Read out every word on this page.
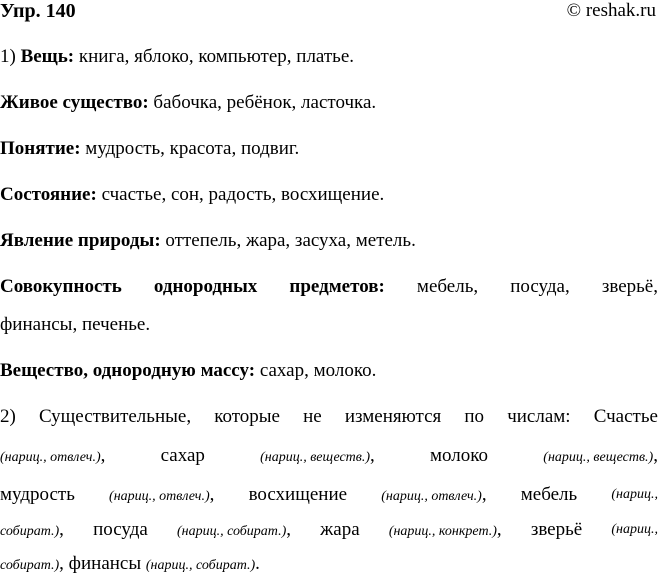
Упр. 140	© reshak.ru
1) Вещь: книга, яблоко, компьютер, платье.
Живое существо: бабочка, ребёнок, ласточка.
Понятие: мудрость, красота, подвиг.
Состояние: счастье, сон, радость, восхищение.
Явление природы: оттепель, жара, засуха, метель.
Совокупность однородных предметов: мебель, посуда, зверьё,
финансы, печенье.
Вещество, однородную массу: сахар, молоко.
2) Существительные, которые не изменяются по числам: Счастье
(нариц., отвлеч.),	сахар	(нариц., веществ.),	молоко	(нариц., веществ.),
мудрость (нариц., отвлеч.), восхищение (нариц., отвлеч.), мебель (нариц.,
собират.), посуда (нариц., собират.), жара (нариц., конкрет.), зверьё (нариц.,
собират.), финансы (нариц., собират.).
